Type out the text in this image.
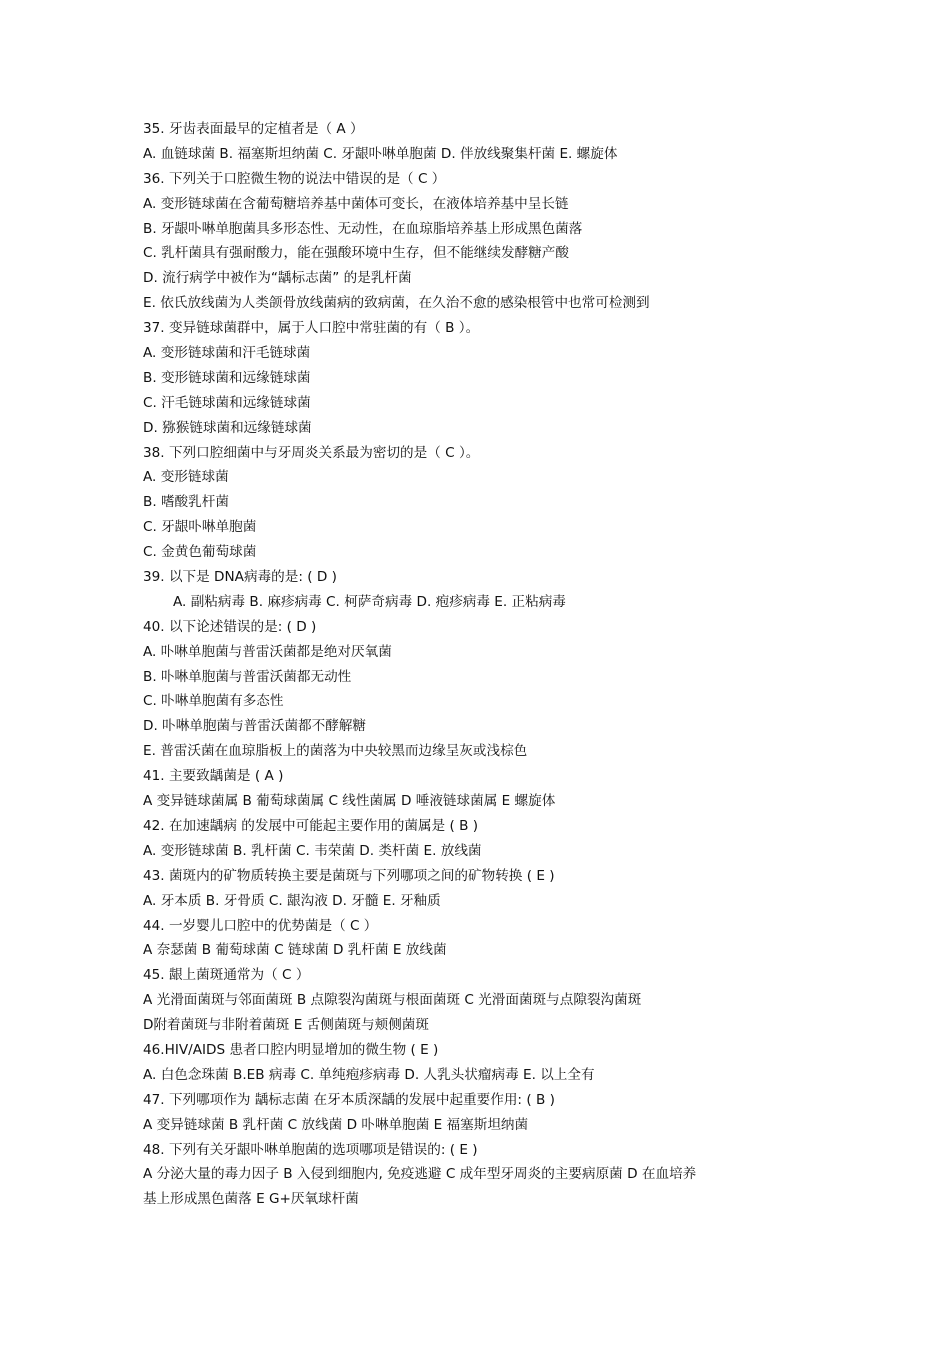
35. 牙齿表面最早的定植者是（ A ）
A. 血链球菌 B. 福塞斯坦纳菌 C. 牙龈卟啉单胞菌 D. 伴放线聚集杆菌 E. 螺旋体
36. 下列关于口腔微生物的说法中错误的是（ C ）
A. 变形链球菌在含葡萄糖培养基中菌体可变长，在液体培养基中呈长链
B. 牙龈卟啉单胞菌具多形态性、无动性，在血琼脂培养基上形成黑色菌落
C. 乳杆菌具有强耐酸力，能在强酸环境中生存，但不能继续发酵糖产酸
D. 流行病学中被作为“龋标志菌” 的是乳杆菌
E. 依氏放线菌为人类颌骨放线菌病的致病菌，在久治不愈的感染根管中也常可检测到
37. 变异链球菌群中，属于人口腔中常驻菌的有（ B ）。
A. 变形链球菌和汗毛链球菌
B. 变形链球菌和远缘链球菌
C. 汗毛链球菌和远缘链球菌
D. 猕猴链球菌和远缘链球菌
38. 下列口腔细菌中与牙周炎关系最为密切的是（ C ）。
A. 变形链球菌
B. 嗜酸乳杆菌
C. 牙龈卟啉单胞菌
C. 金黄色葡萄球菌
39. 以下是 DNA病毒的是: ( D )
A. 副粘病毒 B. 麻疹病毒 C. 柯萨奇病毒 D. 疱疹病毒 E. 正粘病毒
40. 以下论述错误的是: ( D )
A. 卟啉单胞菌与普雷沃菌都是绝对厌氧菌
B. 卟啉单胞菌与普雷沃菌都无动性
C. 卟啉单胞菌有多态性
D. 卟啉单胞菌与普雷沃菌都不酵解糖
E. 普雷沃菌在血琼脂板上的菌落为中央较黑而边缘呈灰或浅棕色
41. 主要致龋菌是 ( A )
A 变异链球菌属 B 葡萄球菌属 C 线性菌属 D 唾液链球菌属 E 螺旋体
42. 在加速龋病 的发展中可能起主要作用的菌属是 ( B )
A. 变形链球菌 B. 乳杆菌 C. 韦荣菌 D. 类杆菌 E. 放线菌
43. 菌斑内的矿物质转换主要是菌斑与下列哪项之间的矿物转换 ( E )
A. 牙本质 B. 牙骨质 C. 龈沟液 D. 牙髓 E. 牙釉质
44. 一岁婴儿口腔中的优势菌是（ C ）
A 奈瑟菌 B 葡萄球菌 C 链球菌 D 乳杆菌 E 放线菌
45. 龈上菌斑通常为（ C ）
A 光滑面菌斑与邻面菌斑 B 点隙裂沟菌斑与根面菌斑 C 光滑面菌斑与点隙裂沟菌斑
D附着菌斑与非附着菌斑 E 舌侧菌斑与颊侧菌斑
46.HIV/AIDS 患者口腔内明显增加的微生物 ( E )
A. 白色念珠菌 B.EB 病毒 C. 单纯疱疹病毒 D. 人乳头状瘤病毒 E. 以上全有
47. 下列哪项作为 龋标志菌 在牙本质深龋的发展中起重要作用: ( B )
A 变异链球菌 B 乳杆菌 C 放线菌 D 卟啉单胞菌 E 福塞斯坦纳菌
48. 下列有关牙龈卟啉单胞菌的选项哪项是错误的: ( E )
A 分泌大量的毒力因子 B 入侵到细胞内, 免疫逃避 C 成年型牙周炎的主要病原菌 D 在血培养
基上形成黑色菌落 E G+厌氧球杆菌
